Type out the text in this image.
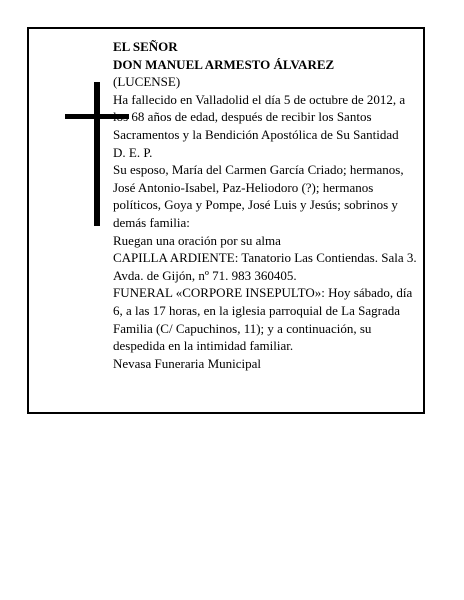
EL SEÑOR

DON MANUEL ARMESTO ÁLVAREZ

(LUCENSE)

Ha fallecido en Valladolid el día 5 de octubre de 2012, a los 68 años de edad, después de recibir los Santos Sacramentos y la Bendición Apostólica de Su Santidad

D. E. P.

Su esposo, María del Carmen García Criado; hermanos, José Antonio-Isabel, Paz-Heliodoro (?); hermanos políticos, Goya y Pompe, José Luis y Jesús; sobrinos y demás familia:

Ruegan una oración por su alma

CAPILLA ARDIENTE: Tanatorio Las Contiendas. Sala 3. Avda. de Gijón, nº 71. 983 360405.

FUNERAL «CORPORE INSEPULTO»: Hoy sábado, día 6, a las 17 horas, en la iglesia parroquial de La Sagrada Familia (C/ Capuchinos, 11); y a continuación, su despedida en la intimidad familiar.

Nevasa Funeraria Municipal
